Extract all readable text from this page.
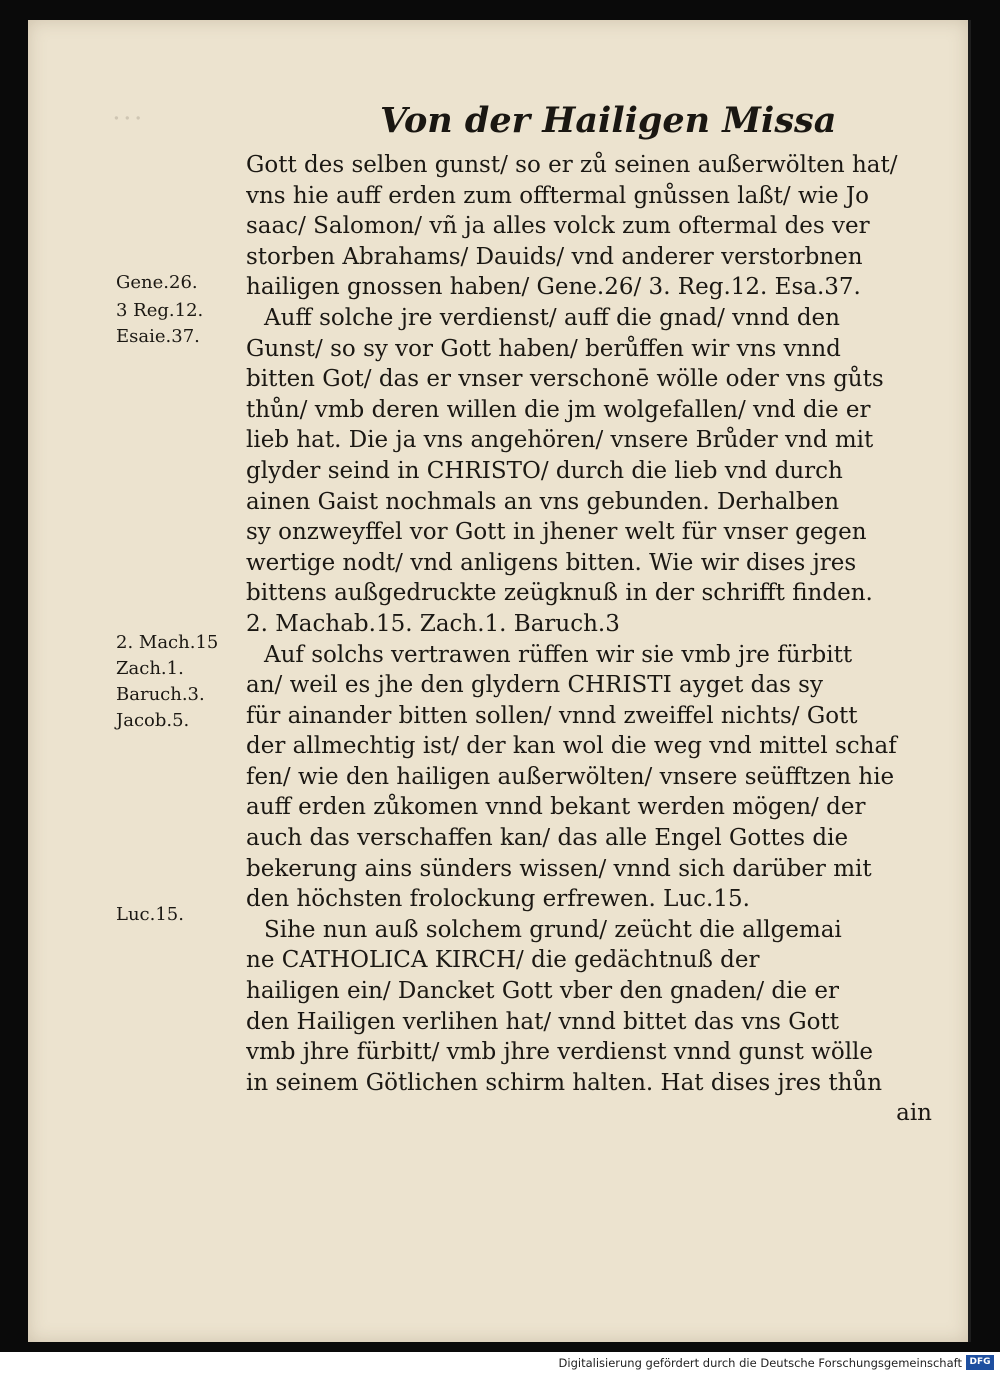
⋅⋅⋅	Von der Hailigen Missa
Gott des selben gunst/ so er zů seinen außerwölten hat/
vns hie auff erden zum offtermal gnůssen laßt/ wie Jo
saac/ Salomon/ vñ ja alles volck zum oftermal des ver
storben Abrahams/ Dauids/ vnd anderer verstorbnen
hailigen gnossen haben/ Gene.26/ 3. Reg.12. Esa.37.
Auff solche jre verdienst/ auff die gnad/ vnnd den
Gunst/ so sy vor Gott haben/ berůffen wir vns vnnd
bitten Got/ das er vnser verschonē wölle oder vns gůts
thůn/ vmb deren willen die jm wolgefallen/ vnd die er
lieb hat. Die ja vns angehören/ vnsere Brůder vnd mit
glyder seind in CHRISTO/ durch die lieb vnd durch
ainen Gaist nochmals an vns gebunden. Derhalben
sy onzweyffel vor Gott in jhener welt für vnser gegen
wertige nodt/ vnd anligens bitten. Wie wir dises jres
bittens außgedruckte zeügknuß in der schrifft finden.
2. Machab.15. Zach.1. Baruch.3
Auf solchs vertrawen rüffen wir sie vmb jre fürbitt
an/ weil es jhe den glydern CHRISTI ayget das sy
für ainander bitten sollen/ vnnd zweiffel nichts/ Gott
der allmechtig ist/ der kan wol die weg vnd mittel schaf
fen/ wie den hailigen außerwölten/ vnsere seüfftzen hie
auff erden zůkomen vnnd bekant werden mögen/ der
auch das verschaffen kan/ das alle Engel Gottes die
bekerung ains sünders wissen/ vnnd sich darüber mit
den höchsten frolockung erfrewen. Luc.15.
Sihe nun auß solchem grund/ zeücht die allgemai
ne CATHOLICA KIRCH/ die gedächtnuß der
hailigen ein/ Dancket Gott vber den gnaden/ die er
den Hailigen verlihen hat/ vnnd bittet das vns Gott
vmb jhre fürbitt/ vmb jhre verdienst vnnd gunst wölle
in seinem Götlichen schirm halten. Hat dises jres thůn
ain
Gene.26.
3 Reg.12.
Esaie.37.
2. Mach.15
Zach.1.
Baruch.3.
Jacob.5.
Luc.15.
Digitalisierung gefördert durch die Deutsche Forschungsgemeinschaft DFG
